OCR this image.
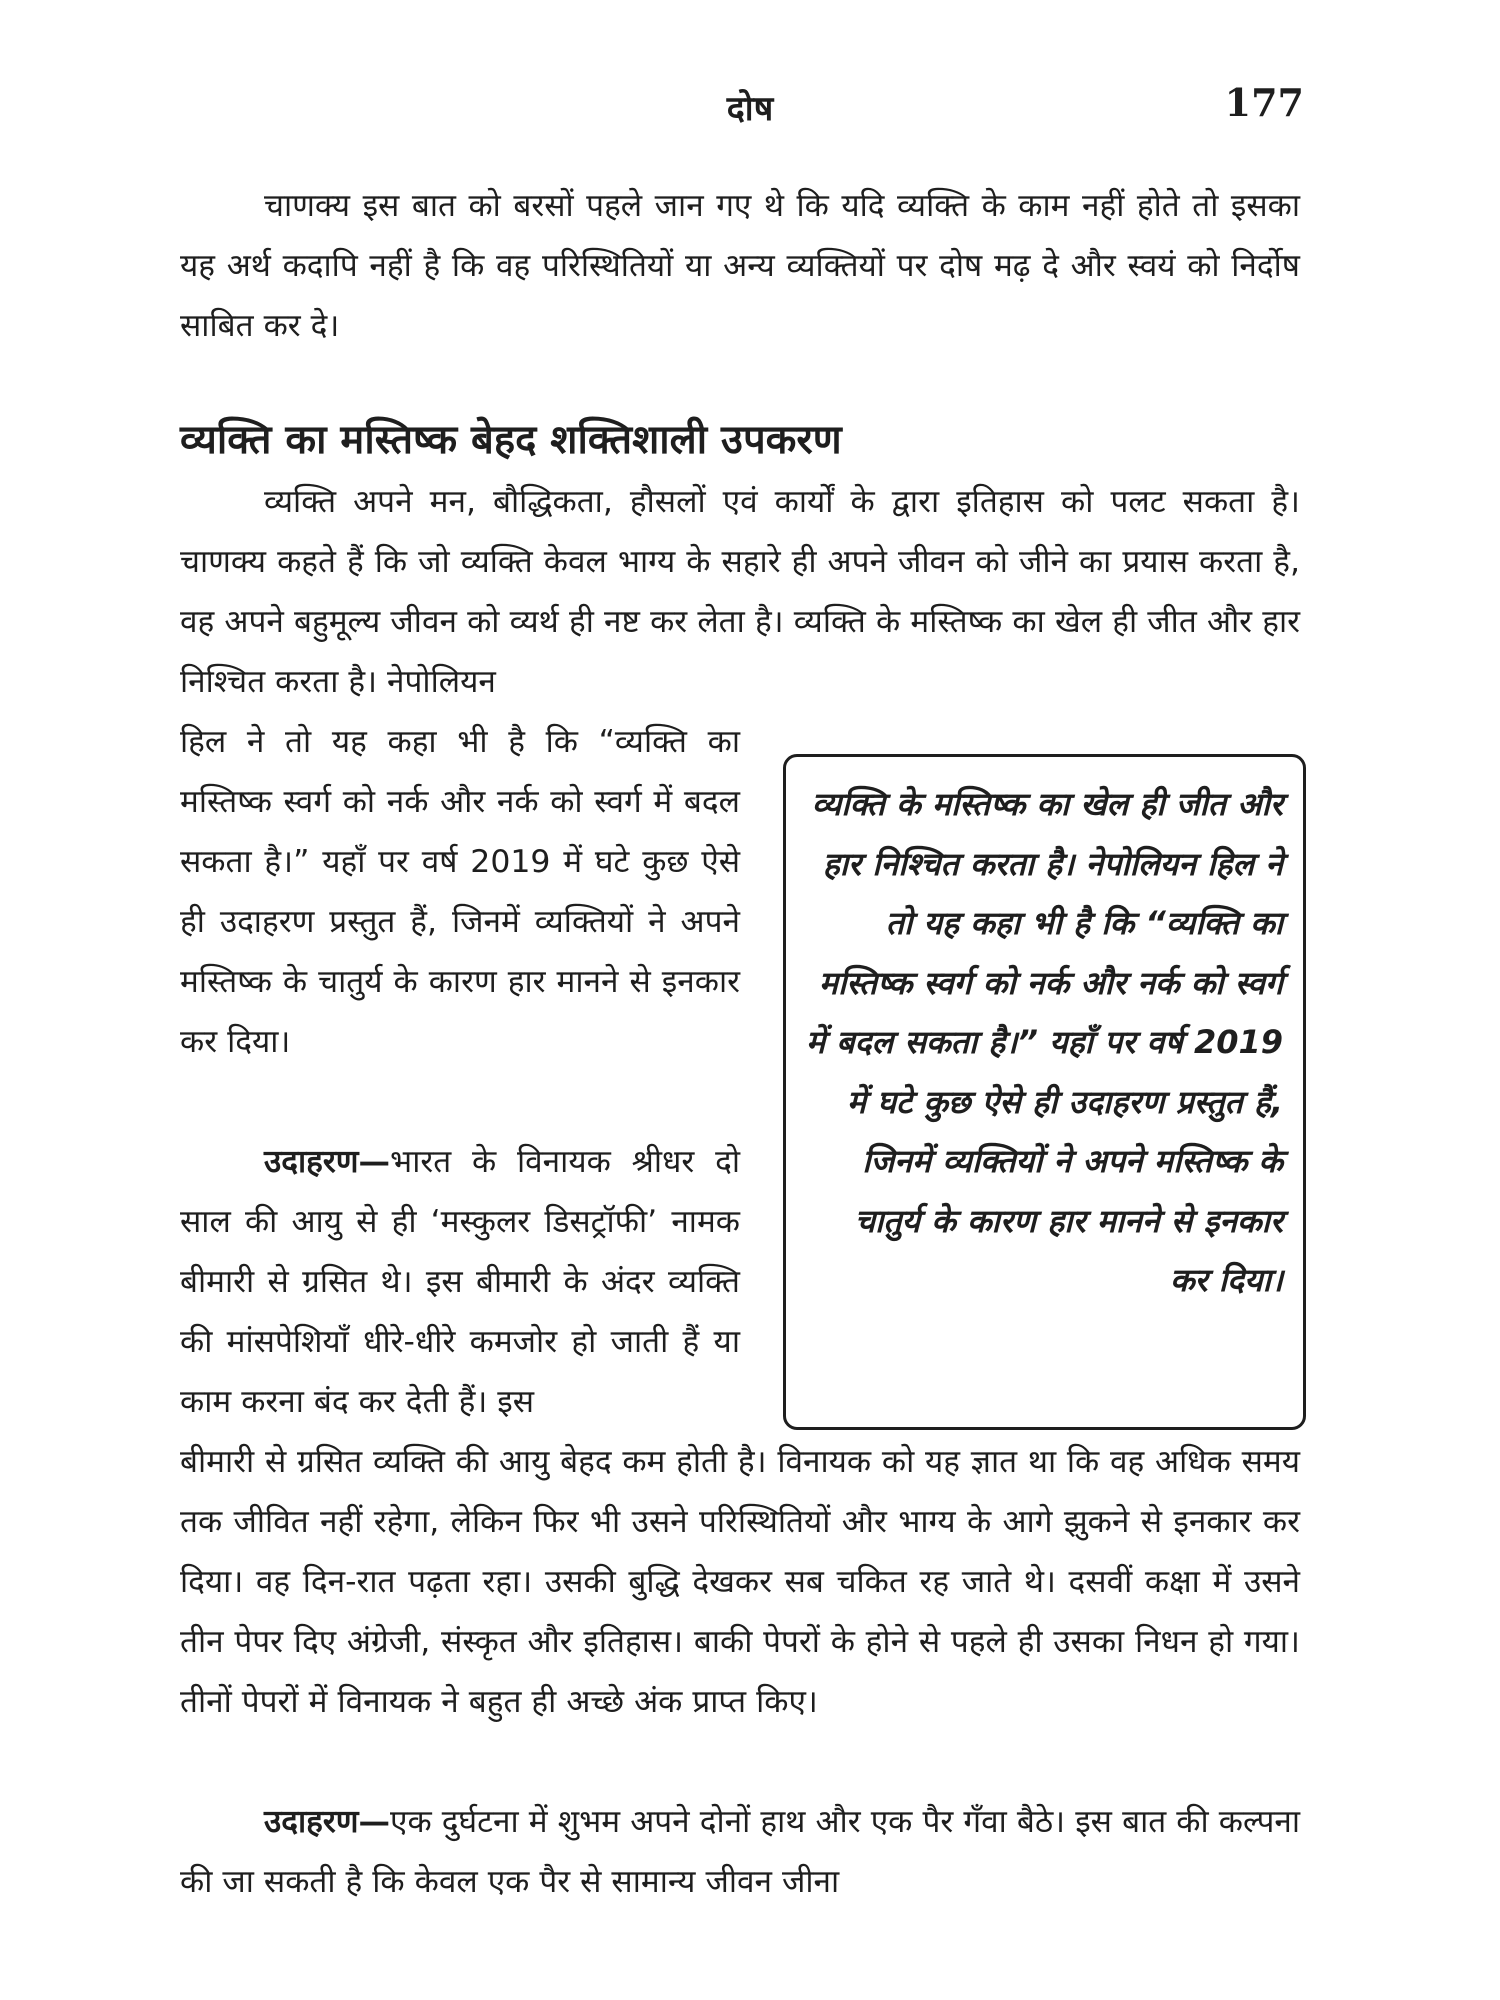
दोष	177

चाणक्य इस बात को बरसों पहले जान गए थे कि यदि व्यक्ति के काम नहीं होते तो इसका यह अर्थ कदापि नहीं है कि वह परिस्थितियों या अन्य व्यक्तियों पर दोष मढ़ दे और स्वयं को निर्दोष साबित कर दे।

व्यक्ति का मस्तिष्क बेहद शक्तिशाली उपकरण

व्यक्ति अपने मन, बौद्धिकता, हौसलों एवं कार्यों के द्वारा इतिहास को पलट सकता है। चाणक्य कहते हैं कि जो व्यक्ति केवल भाग्य के सहारे ही अपने जीवन को जीने का प्रयास करता है, वह अपने बहुमूल्य जीवन को व्यर्थ ही नष्ट कर लेता है। व्यक्ति के मस्तिष्क का खेल ही जीत और हार निश्चित करता है। नेपोलियन

हिल ने तो यह कहा भी है कि “व्यक्ति का मस्तिष्क स्वर्ग को नर्क और नर्क को स्वर्ग में बदल सकता है।” यहाँ पर वर्ष 2019 में घटे कुछ ऐसे ही उदाहरण प्रस्तुत हैं, जिनमें व्यक्तियों ने अपने मस्तिष्क के चातुर्य के कारण हार मानने से इनकार कर दिया।

उदाहरण—भारत के विनायक श्रीधर दो साल की आयु से ही ‘मस्कुलर डिसट्रॉफी’ नामक बीमारी से ग्रसित थे। इस बीमारी के अंदर व्यक्ति की मांसपेशियाँ धीरे-धीरे कमजोर हो जाती हैं या काम करना बंद कर देती हैं। इस

बीमारी से ग्रसित व्यक्ति की आयु बेहद कम होती है। विनायक को यह ज्ञात था कि वह अधिक समय तक जीवित नहीं रहेगा, लेकिन फिर भी उसने परिस्थितियों और भाग्य के आगे झुकने से इनकार कर दिया। वह दिन-रात पढ़ता रहा। उसकी बुद्धि देखकर सब चकित रह जाते थे। दसवीं कक्षा में उसने तीन पेपर दिए अंग्रेजी, संस्कृत और इतिहास। बाकी पेपरों के होने से पहले ही उसका निधन हो गया। तीनों पेपरों में विनायक ने बहुत ही अच्छे अंक प्राप्त किए।

उदाहरण—एक दुर्घटना में शुभम अपने दोनों हाथ और एक पैर गँवा बैठे। इस बात की कल्पना की जा सकती है कि केवल एक पैर से सामान्य जीवन जीना

व्यक्ति के मस्तिष्क का खेल ही जीत और हार निश्चित करता है। नेपोलियन हिल ने तो यह कहा भी है कि “व्यक्ति का मस्तिष्क स्वर्ग को नर्क और नर्क को स्वर्ग में बदल सकता है।” यहाँ पर वर्ष 2019 में घटे कुछ ऐसे ही उदाहरण प्रस्तुत हैं, जिनमें व्यक्तियों ने अपने मस्तिष्क के चातुर्य के कारण हार मानने से इनकार कर दिया।
